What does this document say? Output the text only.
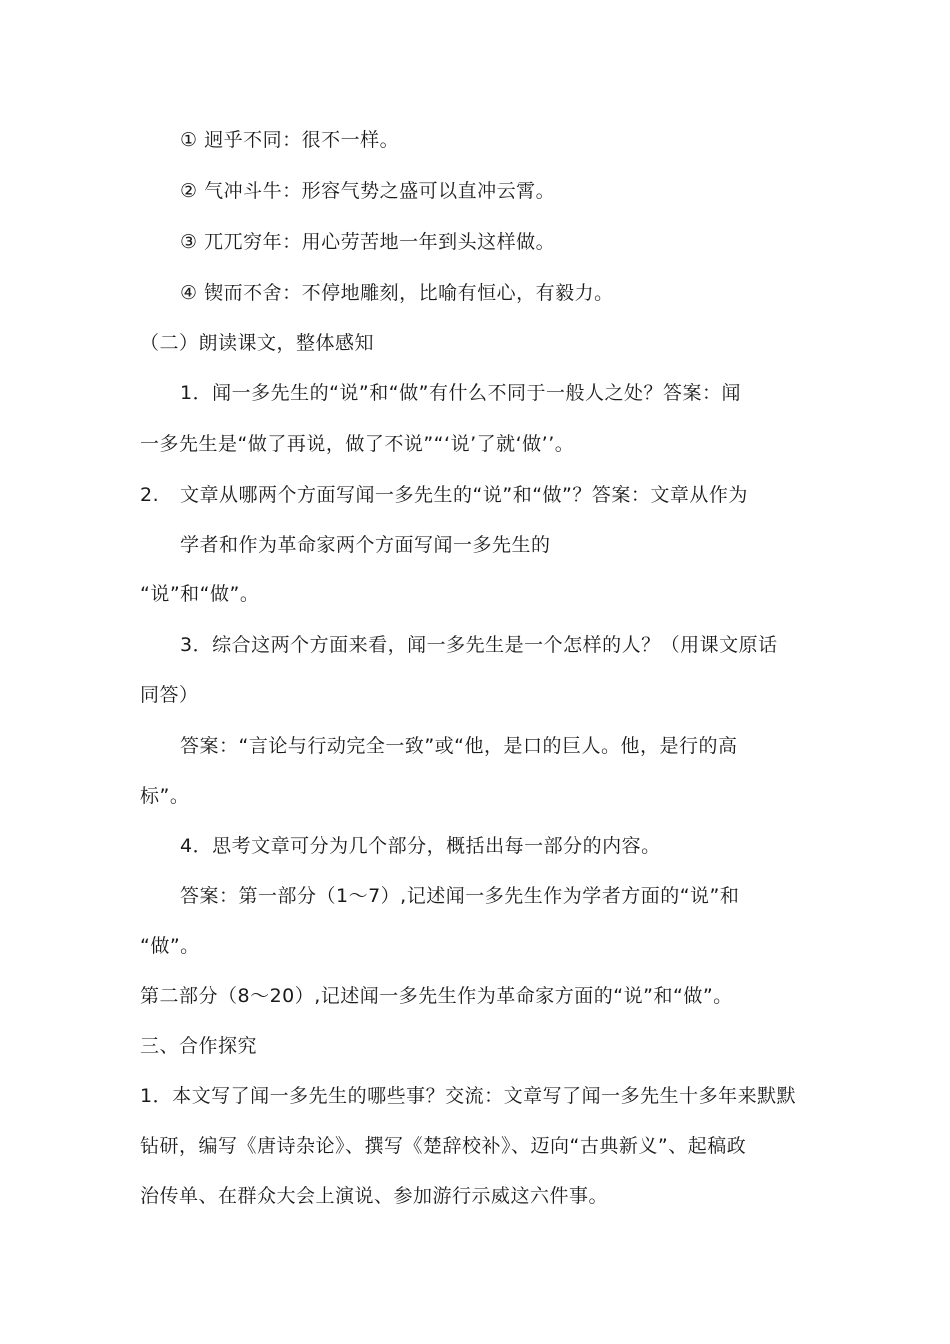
① 迥乎不同：很不一样。
② 气冲斗牛：形容气势之盛可以直冲云霄。
③ 兀兀穷年：用心劳苦地一年到头这样做。
④ 锲而不舍：不停地雕刻，比喻有恒心，有毅力。
（二）朗读课文，整体感知
1．闻一多先生的“说”和“做”有什么不同于一般人之处？答案：闻
一多先生是“做了再说，做了不说”“‘说’了就‘做’’。
2. 文章从哪两个方面写闻一多先生的“说”和“做”？答案：文章从作为
学者和作为革命家两个方面写闻一多先生的
“说”和“做”。
3．综合这两个方面来看，闻一多先生是一个怎样的人？（用课文原话
同答）
答案：“言论与行动完全一致”或“他，是口的巨人。他，是行的高
标”。
4．思考文章可分为几个部分，概括出每一部分的内容。
答案：第一部分（1～7）,记述闻一多先生作为学者方面的“说”和
“做”。
第二部分（8～20）,记述闻一多先生作为革命家方面的“说”和“做”。
三、合作探究
1．本文写了闻一多先生的哪些事？交流：文章写了闻一多先生十多年来默默
钻研，编写《唐诗杂论》、撰写《楚辞校补》、迈向“古典新义”、起稿政
治传单、在群众大会上演说、参加游行示威这六件事。
